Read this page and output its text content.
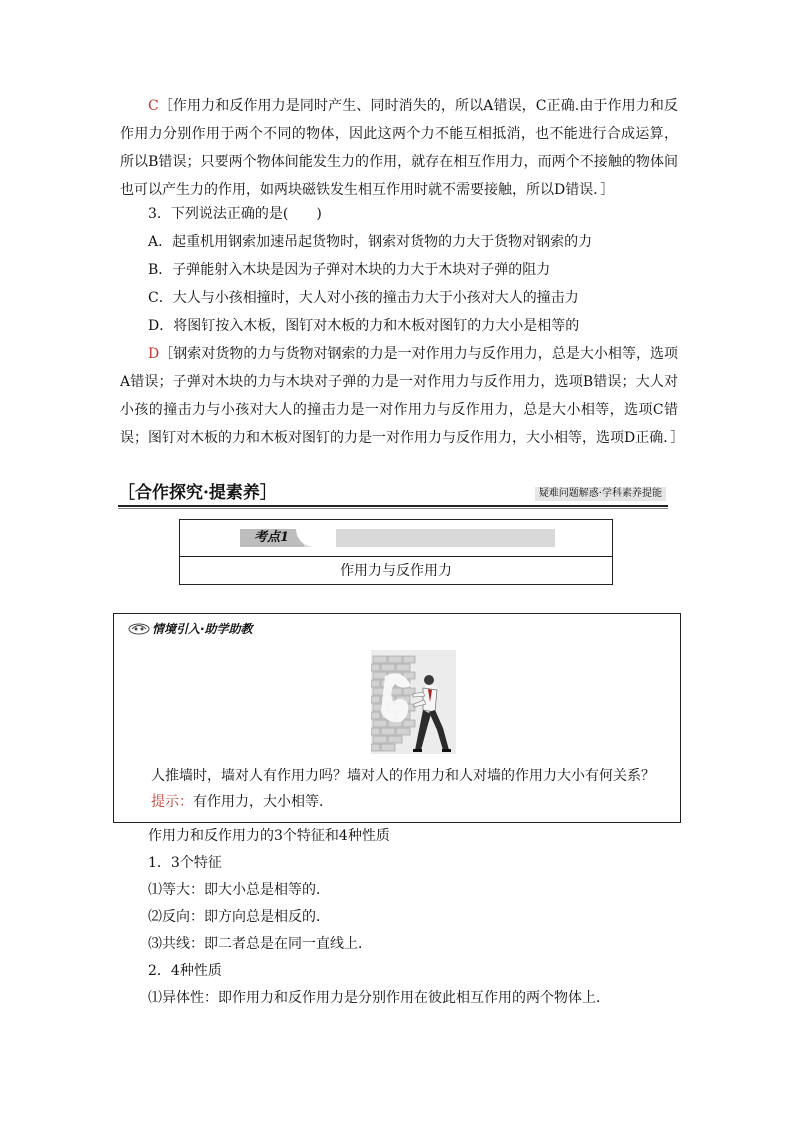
C［作用力和反作用力是同时产生、同时消失的，所以A错误，C正确.由于作用力和反作用力分别作用于两个不同的物体，因此这两个力不能互相抵消，也不能进行合成运算，所以B错误；只要两个物体间能发生力的作用，就存在相互作用力，而两个不接触的物体间也可以产生力的作用，如两块磁铁发生相互作用时就不需要接触，所以D错误．］

3．下列说法正确的是(　　)

A．起重机用钢索加速吊起货物时，钢索对货物的力大于货物对钢索的力

B．子弹能射入木块是因为子弹对木块的力大于木块对子弹的阻力

C．大人与小孩相撞时，大人对小孩的撞击力大于小孩对大人的撞击力

D．将图钉按入木板，图钉对木板的力和木板对图钉的力大小是相等的

D［钢索对货物的力与货物对钢索的力是一对作用力与反作用力，总是大小相等，选项A错误；子弹对木块的力与木块对子弹的力是一对作用力与反作用力，选项B错误；大人对小孩的撞击力与小孩对大人的撞击力是一对作用力与反作用力，总是大小相等，选项C错误；图钉对木板的力和木板对图钉的力是一对作用力与反作用力，大小相等，选项D正确．］

［合作探究·提素养］	疑难问题解惑·学科素养提能
考点1
作用力与反作用力
情境引入·助学助教
人推墙时，墙对人有作用力吗？墙对人的作用力和人对墙的作用力大小有何关系？
提示：有作用力，大小相等．

作用力和反作用力的3个特征和4种性质

1．3个特征

⑴等大：即大小总是相等的．

⑵反向：即方向总是相反的．

⑶共线：即二者总是在同一直线上．

2．4种性质

⑴异体性：即作用力和反作用力是分别作用在彼此相互作用的两个物体上．
